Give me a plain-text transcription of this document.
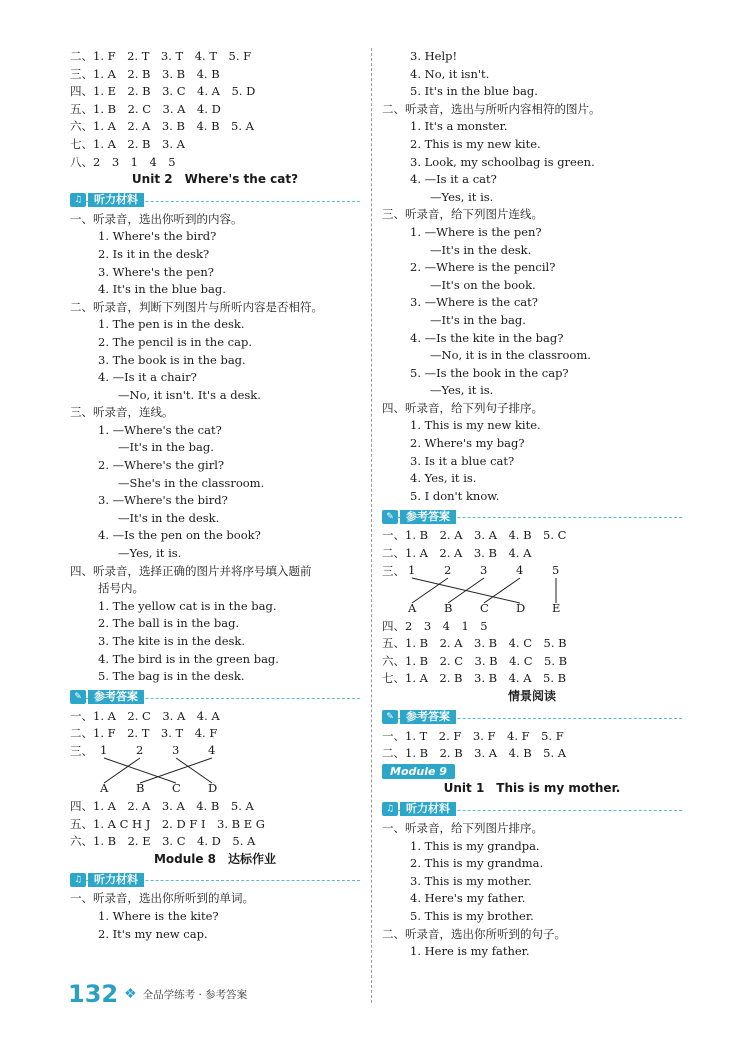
二、1. F　2. T　3. T　4. T　5. F
三、1. A　2. B　3. B　4. B
四、1. E　2. B　3. C　4. A　5. D
五、1. B　2. C　3. A　4. D
六、1. A　2. A　3. B　4. B　5. A
七、1. A　2. B　3. A
八、2　3　1　4　5
Unit 2　Where's the cat?
♫	听力材料
一、听录音，选出你听到的内容。
1. Where's the bird?
2. Is it in the desk?
3. Where's the pen?
4. It's in the blue bag.
二、听录音，判断下列图片与所听内容是否相符。
1. The pen is in the desk.
2. The pencil is in the cap.
3. The book is in the bag.
4. —Is it a chair?
—No, it isn't. It's a desk.
三、听录音，连线。
1. —Where's the cat?
—It's in the bag.
2. —Where's the girl?
—She's in the classroom.
3. —Where's the bird?
—It's in the desk.
4. —Is the pen on the book?
—Yes, it is.
四、听录音，选择正确的图片并将序号填入题前
括号内。
1. The yellow cat is in the bag.
2. The ball is in the bag.
3. The kite is in the desk.
4. The bird is in the green bag.
5. The bag is in the desk.
✎	参考答案
一、1. A　2. C　3. A　4. A
二、1. F　2. T　3. T　4. F
三、 1 2 3 4
A B C D
四、1. A　2. A　3. A　4. B　5. A
五、1. A C H J　2. D F I　3. B E G
六、1. B　2. E　3. C　4. D　5. A
Module 8　达标作业
♫	听力材料
一、听录音，选出你所听到的单词。
1. Where is the kite?
2. It's my new cap.
3. Help!
4. No, it isn't.
5. It's in the blue bag.
二、听录音，选出与所听内容相符的图片。
1. It's a monster.
2. This is my new kite.
3. Look, my schoolbag is green.
4. —Is it a cat?
—Yes, it is.
三、听录音，给下列图片连线。
1. —Where is the pen?
—It's in the desk.
2. —Where is the pencil?
—It's on the book.
3. —Where is the cat?
—It's in the bag.
4. —Is the kite in the bag?
—No, it is in the classroom.
5. —Is the book in the cap?
—Yes, it is.
四、听录音，给下列句子排序。
1. This is my new kite.
2. Where's my bag?
3. Is it a blue cat?
4. Yes, it is.
5. I don't know.
✎	参考答案
一、1. B　2. A　3. A　4. B　5. C
二、1. A　2. A　3. B　4. A
三、 1 2 3 4 5
A B C D E
四、2　3　4　1　5
五、1. B　2. A　3. B　4. C　5. B
六、1. B　2. C　3. B　4. C　5. B
七、1. A　2. B　3. B　4. A　5. B
情景阅读
✎	参考答案
一、1. T　2. F　3. F　4. F　5. F
二、1. B　2. B　3. A　4. B　5. A
Module 9
Unit 1　This is my mother.
♫	听力材料
一、听录音，给下列图片排序。
1. This is my grandpa.
2. This is my grandma.
3. This is my mother.
4. Here's my father.
5. This is my brother.
二、听录音，选出你所听到的句子。
1. Here is my father.
132 ❖ 全品学练考 · 参考答案
